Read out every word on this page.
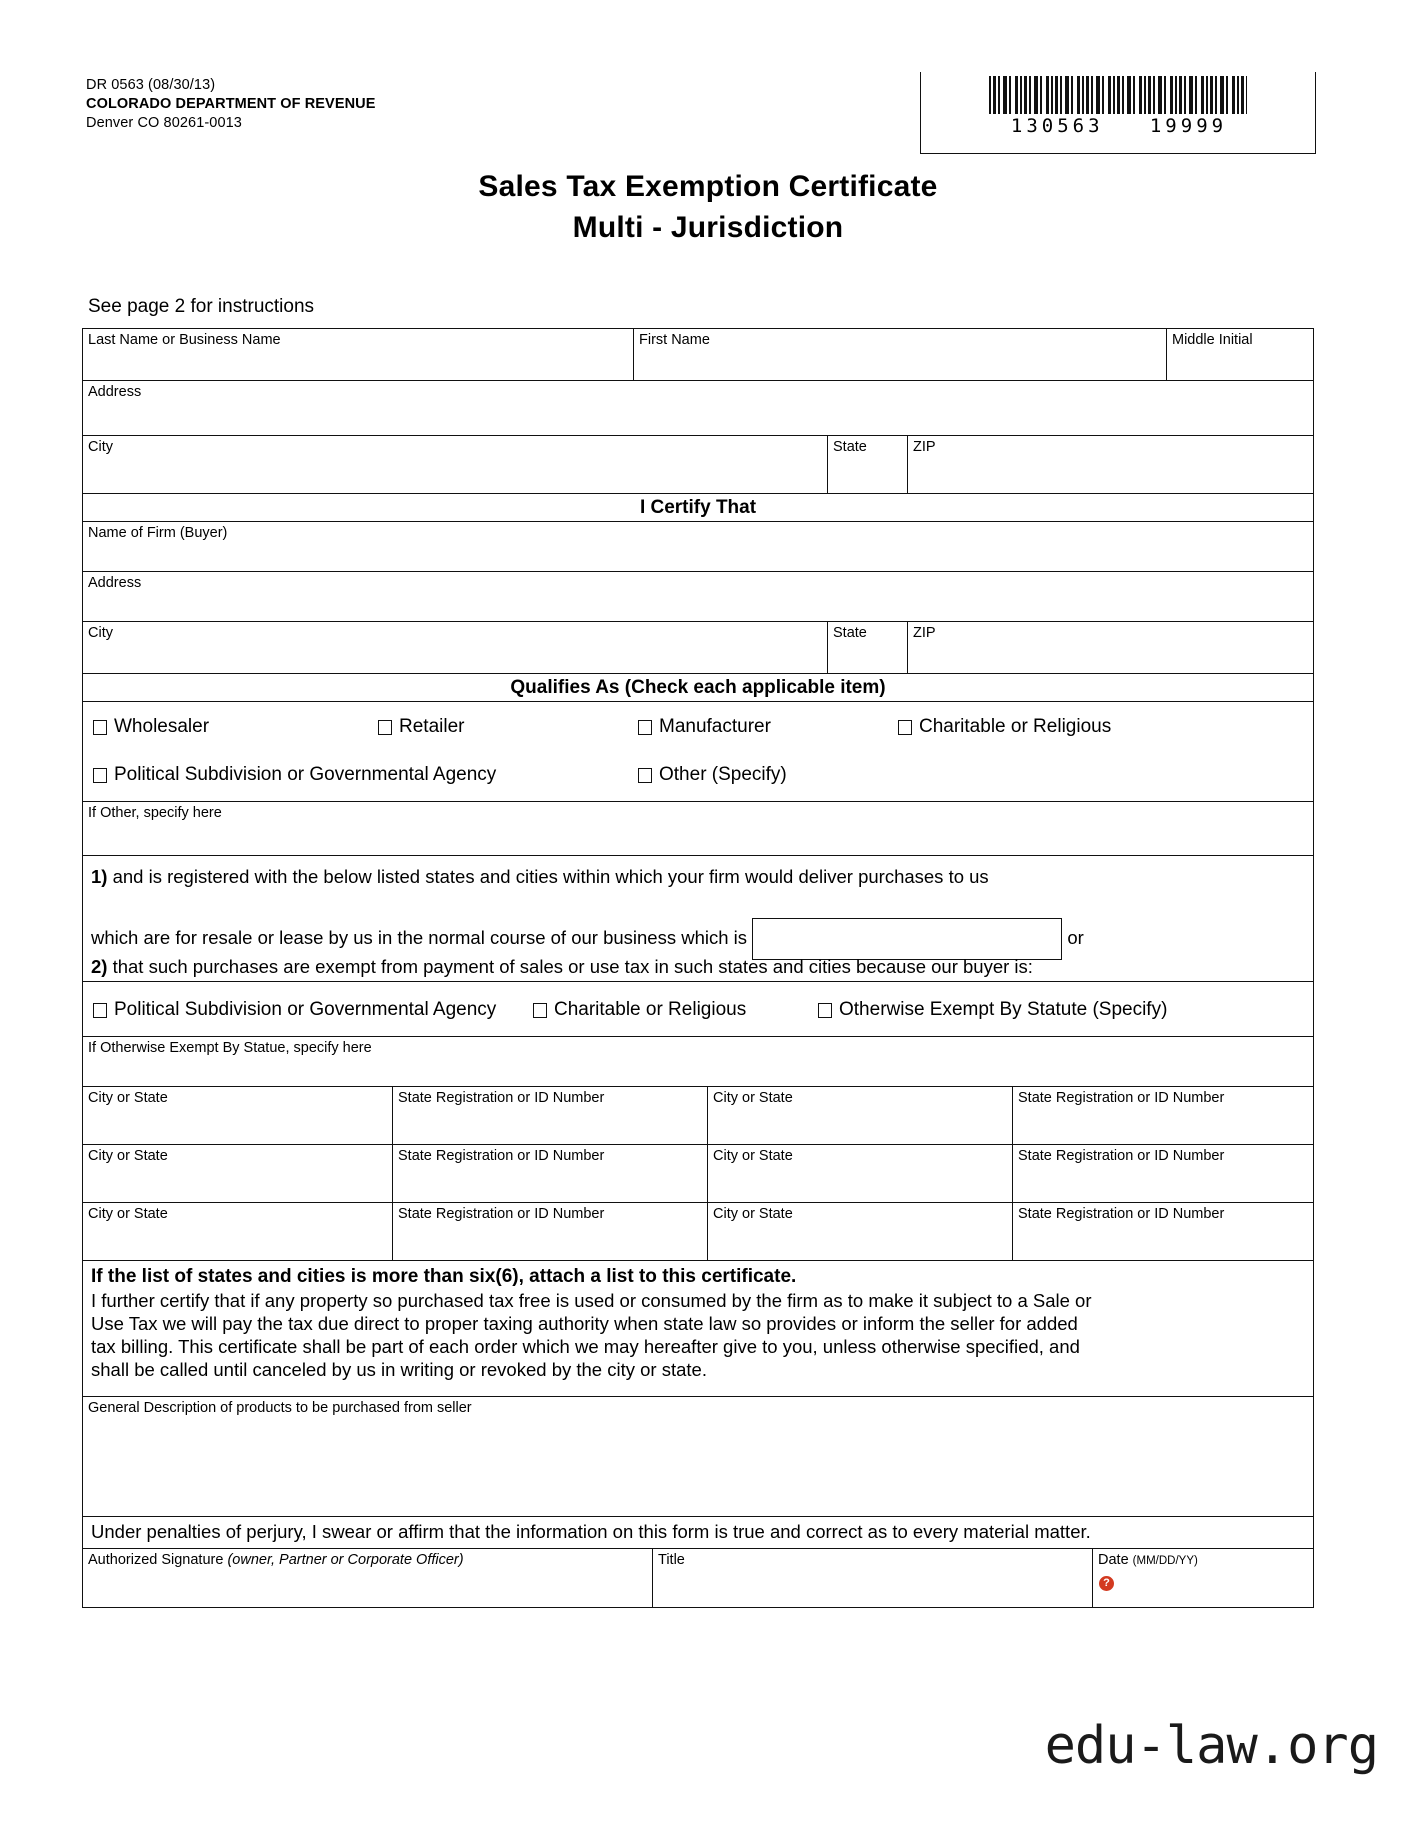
DR 0563 (08/30/13)
COLORADO DEPARTMENT OF REVENUE
Denver CO 80261-0013	130563   19999
Sales Tax Exemption Certificate
Multi - Jurisdiction
See page 2 for instructions
Last Name or Business Name	First Name	Middle Initial
Address
City	State	ZIP
I Certify That
Name of Firm (Buyer)
Address
City	State	ZIP
Qualifies As (Check each applicable item)
Wholesaler	Retailer	Manufacturer	Charitable or Religious
Political Subdivision or Governmental Agency	Other (Specify)
If Other, specify here
1) and is registered with the below listed states and cities within which your firm would deliver purchases to us
which are for resale or lease by us in the normal course of our business which is	or
2) that such purchases are exempt from payment of sales or use tax in such states and cities because our buyer is:
Political Subdivision or Governmental Agency	Charitable or Religious	Otherwise Exempt By Statute (Specify)
If Otherwise Exempt By Statue, specify here
City or State	State Registration or ID Number	City or State	State Registration or ID Number
City or State	State Registration or ID Number	City or State	State Registration or ID Number
City or State	State Registration or ID Number	City or State	State Registration or ID Number
If the list of states and cities is more than six(6), attach a list to this certificate.
I further certify that if any property so purchased tax free is used or consumed by the firm as to make it subject to a Sale or
Use Tax we will pay the tax due direct to proper taxing authority when state law so provides or inform the seller for added
tax billing. This certificate shall be part of each order which we may hereafter give to you, unless otherwise specified, and
shall be called until canceled by us in writing or revoked by the city or state.
General Description of products to be purchased from seller
Under penalties of perjury, I swear or affirm that the information on this form is true and correct as to every material matter.
Authorized Signature (owner, Partner or Corporate Officer)	Title	Date (MM/DD/YY)
?
edu-law.org
